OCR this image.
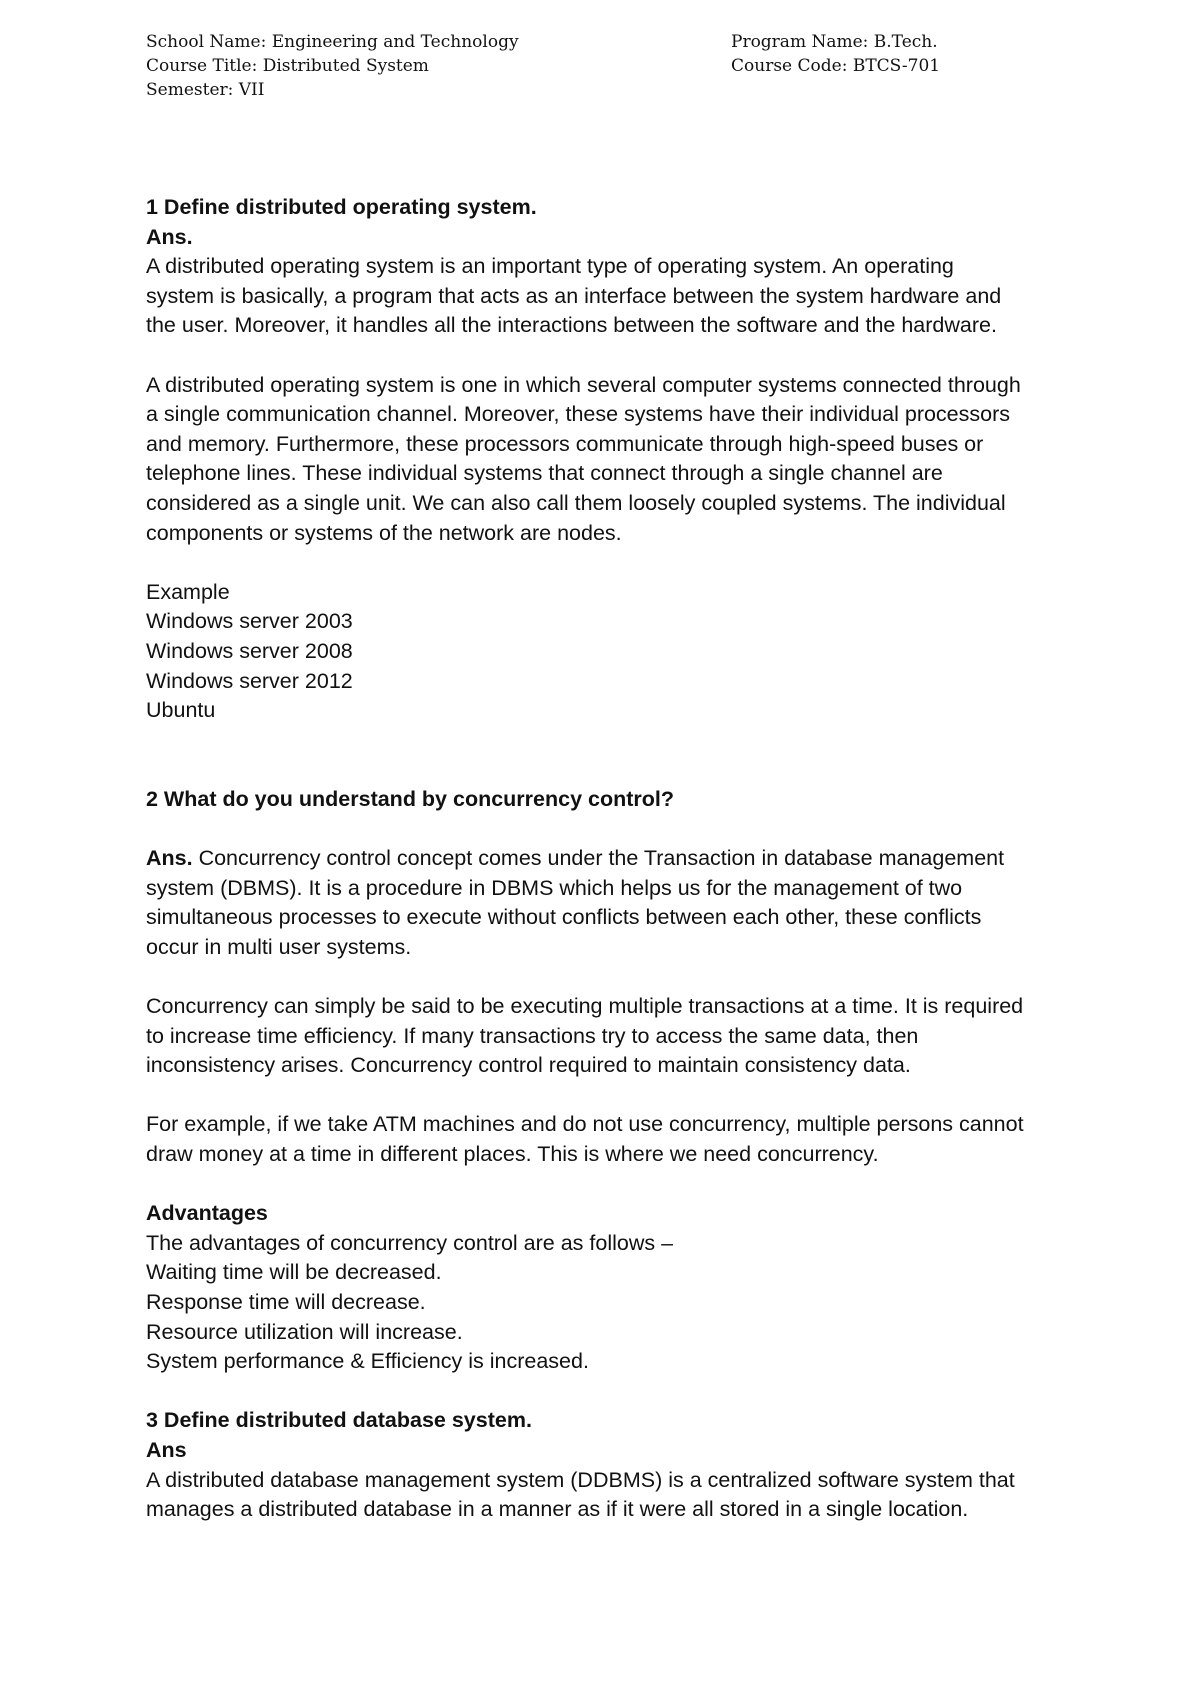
School Name: Engineering and Technology
Course Title: Distributed System
Semester: VII
Program Name: B.Tech.
Course Code: BTCS-701
1 Define distributed operating system.
Ans.
A distributed operating system is an important type of operating system. An operating
system is basically, a program that acts as an interface between the system hardware and
the user. Moreover, it handles all the interactions between the software and the hardware.
A distributed operating system is one in which several computer systems connected through
a single communication channel. Moreover, these systems have their individual processors
and memory. Furthermore, these processors communicate through high-speed buses or
telephone lines. These individual systems that connect through a single channel are
considered as a single unit. We can also call them loosely coupled systems. The individual
components or systems of the network are nodes.
Example
Windows server 2003
Windows server 2008
Windows server 2012
Ubuntu
2 What do you understand by concurrency control?
Ans. Concurrency control concept comes under the Transaction in database management
system (DBMS). It is a procedure in DBMS which helps us for the management of two
simultaneous processes to execute without conflicts between each other, these conflicts
occur in multi user systems.
Concurrency can simply be said to be executing multiple transactions at a time. It is required
to increase time efficiency. If many transactions try to access the same data, then
inconsistency arises. Concurrency control required to maintain consistency data.
For example, if we take ATM machines and do not use concurrency, multiple persons cannot
draw money at a time in different places. This is where we need concurrency.
Advantages
The advantages of concurrency control are as follows –
Waiting time will be decreased.
Response time will decrease.
Resource utilization will increase.
System performance & Efficiency is increased.
3 Define distributed database system.
Ans
A distributed database management system (DDBMS) is a centralized software system that
manages a distributed database in a manner as if it were all stored in a single location.
